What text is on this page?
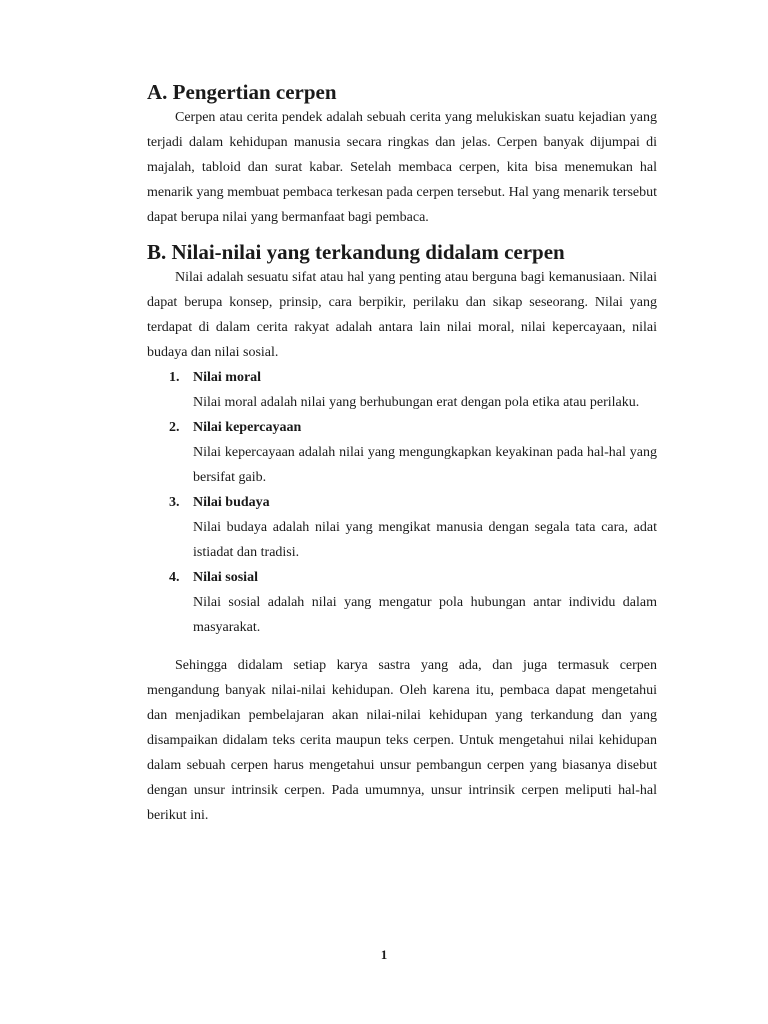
A. Pengertian cerpen

Cerpen atau cerita pendek adalah sebuah cerita yang melukiskan suatu kejadian yang terjadi dalam kehidupan manusia secara ringkas dan jelas. Cerpen banyak dijumpai di majalah, tabloid dan surat kabar. Setelah membaca cerpen, kita bisa menemukan hal menarik yang membuat pembaca terkesan pada cerpen tersebut. Hal yang menarik tersebut dapat berupa nilai yang bermanfaat bagi pembaca.

B. Nilai-nilai yang terkandung didalam cerpen

Nilai adalah sesuatu sifat atau hal yang penting atau berguna bagi kemanusiaan. Nilai dapat berupa konsep, prinsip, cara berpikir, perilaku dan sikap seseorang. Nilai yang terdapat di dalam cerita rakyat adalah antara lain nilai moral, nilai kepercayaan, nilai budaya dan nilai sosial.

1. Nilai moral

Nilai moral adalah nilai yang berhubungan erat dengan pola etika atau perilaku.

2. Nilai kepercayaan

Nilai kepercayaan adalah nilai yang mengungkapkan keyakinan pada hal-hal yang bersifat gaib.

3. Nilai budaya

Nilai budaya adalah nilai yang mengikat manusia dengan segala tata cara, adat istiadat dan tradisi.

4. Nilai sosial

Nilai sosial adalah nilai yang mengatur pola hubungan antar individu dalam masyarakat.

Sehingga didalam setiap karya sastra yang ada, dan juga termasuk cerpen mengandung banyak nilai-nilai kehidupan. Oleh karena itu, pembaca dapat mengetahui dan menjadikan pembelajaran akan nilai-nilai kehidupan yang terkandung dan yang disampaikan didalam teks cerita maupun teks cerpen. Untuk mengetahui nilai kehidupan dalam sebuah cerpen harus mengetahui unsur pembangun cerpen yang biasanya disebut dengan unsur intrinsik cerpen. Pada umumnya, unsur intrinsik cerpen meliputi hal-hal berikut ini.

1
